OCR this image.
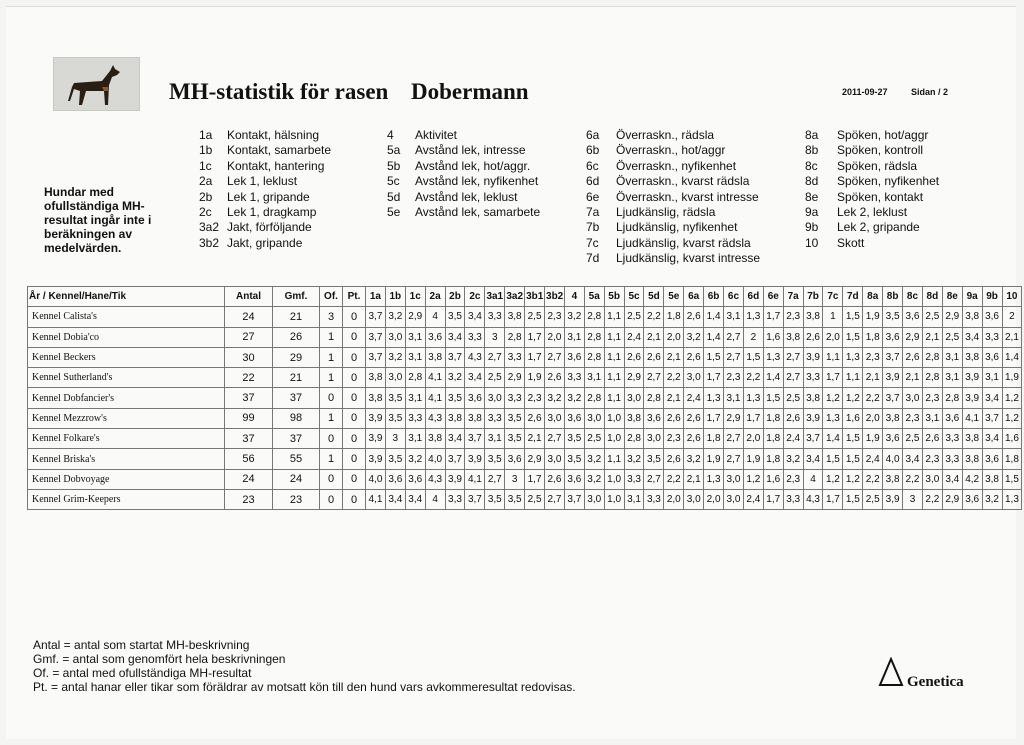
MH-statistik för rasen Dobermann	2011-09-27	Sidan / 2
Hundar med ofullständiga MH-resultat ingår inte i beräkningen av medelvärden.
1a Kontakt, hälsning
1b Kontakt, samarbete
1c Kontakt, hantering
2a Lek 1, leklust
2b Lek 1, gripande
2c Lek 1, dragkamp
3a2 Jakt, förföljande
3b2 Jakt, gripande
4 Aktivitet
5a Avstånd lek, intresse
5b Avstånd lek, hot/aggr.
5c Avstånd lek, nyfikenhet
5d Avstånd lek, leklust
5e Avstånd lek, samarbete
6a Överraskn., rädsla
6b Överraskn., hot/aggr
6c Överraskn., nyfikenhet
6d Överraskn., kvarst rädsla
6e Överraskn., kvarst intresse
7a Ljudkänslig, rädsla
7b Ljudkänslig, nyfikenhet
7c Ljudkänslig, kvarst rädsla
7d Ljudkänslig, kvarst intresse
8a Spöken, hot/aggr
8b Spöken, kontroll
8c Spöken, rädsla
8d Spöken, nyfikenhet
8e Spöken, kontakt
9a Lek 2, leklust
9b Lek 2, gripande
10 Skott
År / Kennel/Hane/Tik	Antal	Gmf.	Of.	Pt.	1a	1b	1c	2a	2b	2c	3a1	3a2	3b1	3b2	4	5a	5b	5c	5d	5e	6a	6b	6c	6d	6e	7a	7b	7c	7d	8a	8b	8c	8d	8e	9a	9b	10
Kennel Calista's	24	21	3	0	3,7	3,2	2,9	4	3,5	3,4	3,3	3,8	2,5	2,3	3,2	2,8	1,1	2,5	2,2	1,8	2,6	1,4	3,1	1,3	1,7	2,3	3,8	1	1,5	1,9	3,5	3,6	2,5	2,9	3,8	3,6	2
Kennel Dobia'co	27	26	1	0	3,7	3,0	3,1	3,6	3,4	3,3	3	2,8	1,7	2,0	3,1	2,8	1,1	2,4	2,1	2,0	3,2	1,4	2,7	2	1,6	3,8	2,6	2,0	1,5	1,8	3,6	2,9	2,1	2,5	3,4	3,3	2,1
Kennel Beckers	30	29	1	0	3,7	3,2	3,1	3,8	3,7	4,3	2,7	3,3	1,7	2,7	3,6	2,8	1,1	2,6	2,6	2,1	2,6	1,5	2,7	1,5	1,3	2,7	3,9	1,1	1,3	2,3	3,7	2,6	2,8	3,1	3,8	3,6	1,4
Kennel Sutherland's	22	21	1	0	3,8	3,0	2,8	4,1	3,2	3,4	2,5	2,9	1,9	2,6	3,3	3,1	1,1	2,9	2,7	2,2	3,0	1,7	2,3	2,2	1,4	2,7	3,3	1,7	1,1	2,1	3,9	2,1	2,8	3,1	3,9	3,1	1,9
Kennel Dobfancier's	37	37	0	0	3,8	3,5	3,1	4,1	3,5	3,6	3,0	3,3	2,3	3,2	3,2	2,8	1,1	3,0	2,8	2,1	2,4	1,3	3,1	1,3	1,5	2,5	3,8	1,2	1,2	2,2	3,7	3,0	2,3	2,8	3,9	3,4	1,2
Kennel Mezzrow's	99	98	1	0	3,9	3,5	3,3	4,3	3,8	3,8	3,3	3,5	2,6	3,0	3,6	3,0	1,0	3,8	3,6	2,6	2,6	1,7	2,9	1,7	1,8	2,6	3,9	1,3	1,6	2,0	3,8	2,3	3,1	3,6	4,1	3,7	1,2
Kennel Folkare's	37	37	0	0	3,9	3	3,1	3,8	3,4	3,7	3,1	3,5	2,1	2,7	3,5	2,5	1,0	2,8	3,0	2,3	2,6	1,8	2,7	2,0	1,8	2,4	3,7	1,4	1,5	1,9	3,6	2,5	2,6	3,3	3,8	3,4	1,6
Kennel Briska's	56	55	1	0	3,9	3,5	3,2	4,0	3,7	3,9	3,5	3,6	2,9	3,0	3,5	3,2	1,1	3,2	3,5	2,6	3,2	1,9	2,7	1,9	1,8	3,2	3,4	1,5	1,5	2,4	4,0	3,4	2,3	3,3	3,8	3,6	1,8
Kennel Dobvoyage	24	24	0	0	4,0	3,6	3,6	4,3	3,9	4,1	2,7	3	1,7	2,6	3,6	3,2	1,0	3,3	2,7	2,2	2,1	1,3	3,0	1,2	1,6	2,3	4	1,2	1,2	2,2	3,8	2,2	3,0	3,4	4,2	3,8	1,5
Kennel Grim-Keepers	23	23	0	0	4,1	3,4	3,4	4	3,3	3,7	3,5	3,5	2,5	2,7	3,7	3,0	1,0	3,1	3,3	2,0	3,0	2,0	3,0	2,4	1,7	3,3	4,3	1,7	1,5	2,5	3,9	3	2,2	2,9	3,6	3,2	1,3
Antal = antal som startat MH-beskrivning
Gmf. = antal som genomfört hela beskrivningen
Of. = antal med ofullständiga MH-resultat
Pt. = antal hanar eller tikar som föräldrar av motsatt kön till den hund vars avkommeresultat redovisas.	Genetica
